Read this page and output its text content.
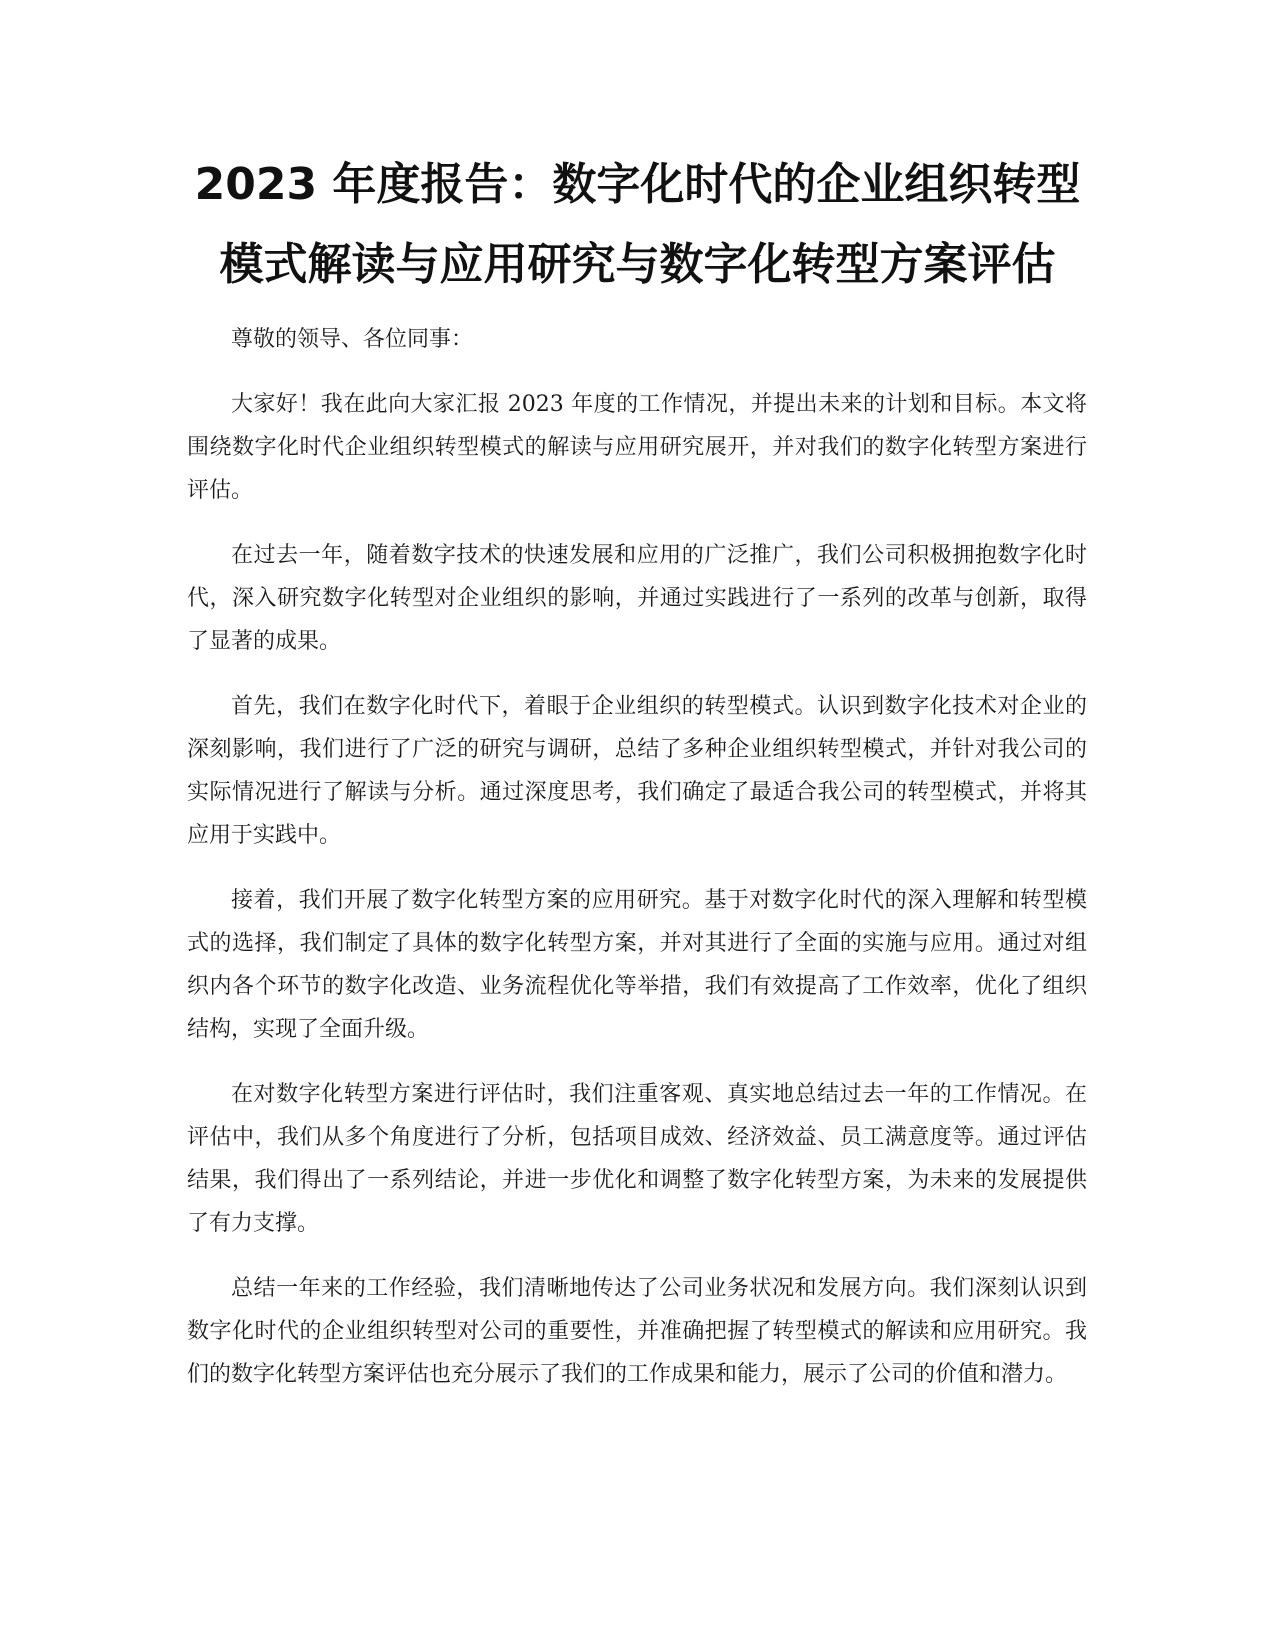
2023 年度报告：数字化时代的企业组织转型
模式解读与应用研究与数字化转型方案评估

尊敬的领导、各位同事：

大家好！我在此向大家汇报 2023 年度的工作情况，并提出未来的计划和目标。本文将围绕数字化时代企业组织转型模式的解读与应用研究展开，并对我们的数字化转型方案进行评估。

在过去一年，随着数字技术的快速发展和应用的广泛推广，我们公司积极拥抱数字化时代，深入研究数字化转型对企业组织的影响，并通过实践进行了一系列的改革与创新，取得了显著的成果。

首先，我们在数字化时代下，着眼于企业组织的转型模式。认识到数字化技术对企业的深刻影响，我们进行了广泛的研究与调研，总结了多种企业组织转型模式，并针对我公司的实际情况进行了解读与分析。通过深度思考，我们确定了最适合我公司的转型模式，并将其应用于实践中。

接着，我们开展了数字化转型方案的应用研究。基于对数字化时代的深入理解和转型模式的选择，我们制定了具体的数字化转型方案，并对其进行了全面的实施与应用。通过对组织内各个环节的数字化改造、业务流程优化等举措，我们有效提高了工作效率，优化了组织结构，实现了全面升级。

在对数字化转型方案进行评估时，我们注重客观、真实地总结过去一年的工作情况。在评估中，我们从多个角度进行了分析，包括项目成效、经济效益、员工满意度等。通过评估结果，我们得出了一系列结论，并进一步优化和调整了数字化转型方案，为未来的发展提供了有力支撑。

总结一年来的工作经验，我们清晰地传达了公司业务状况和发展方向。我们深刻认识到数字化时代的企业组织转型对公司的重要性，并准确把握了转型模式的解读和应用研究。我们的数字化转型方案评估也充分展示了我们的工作成果和能力，展示了公司的价值和潜力。
